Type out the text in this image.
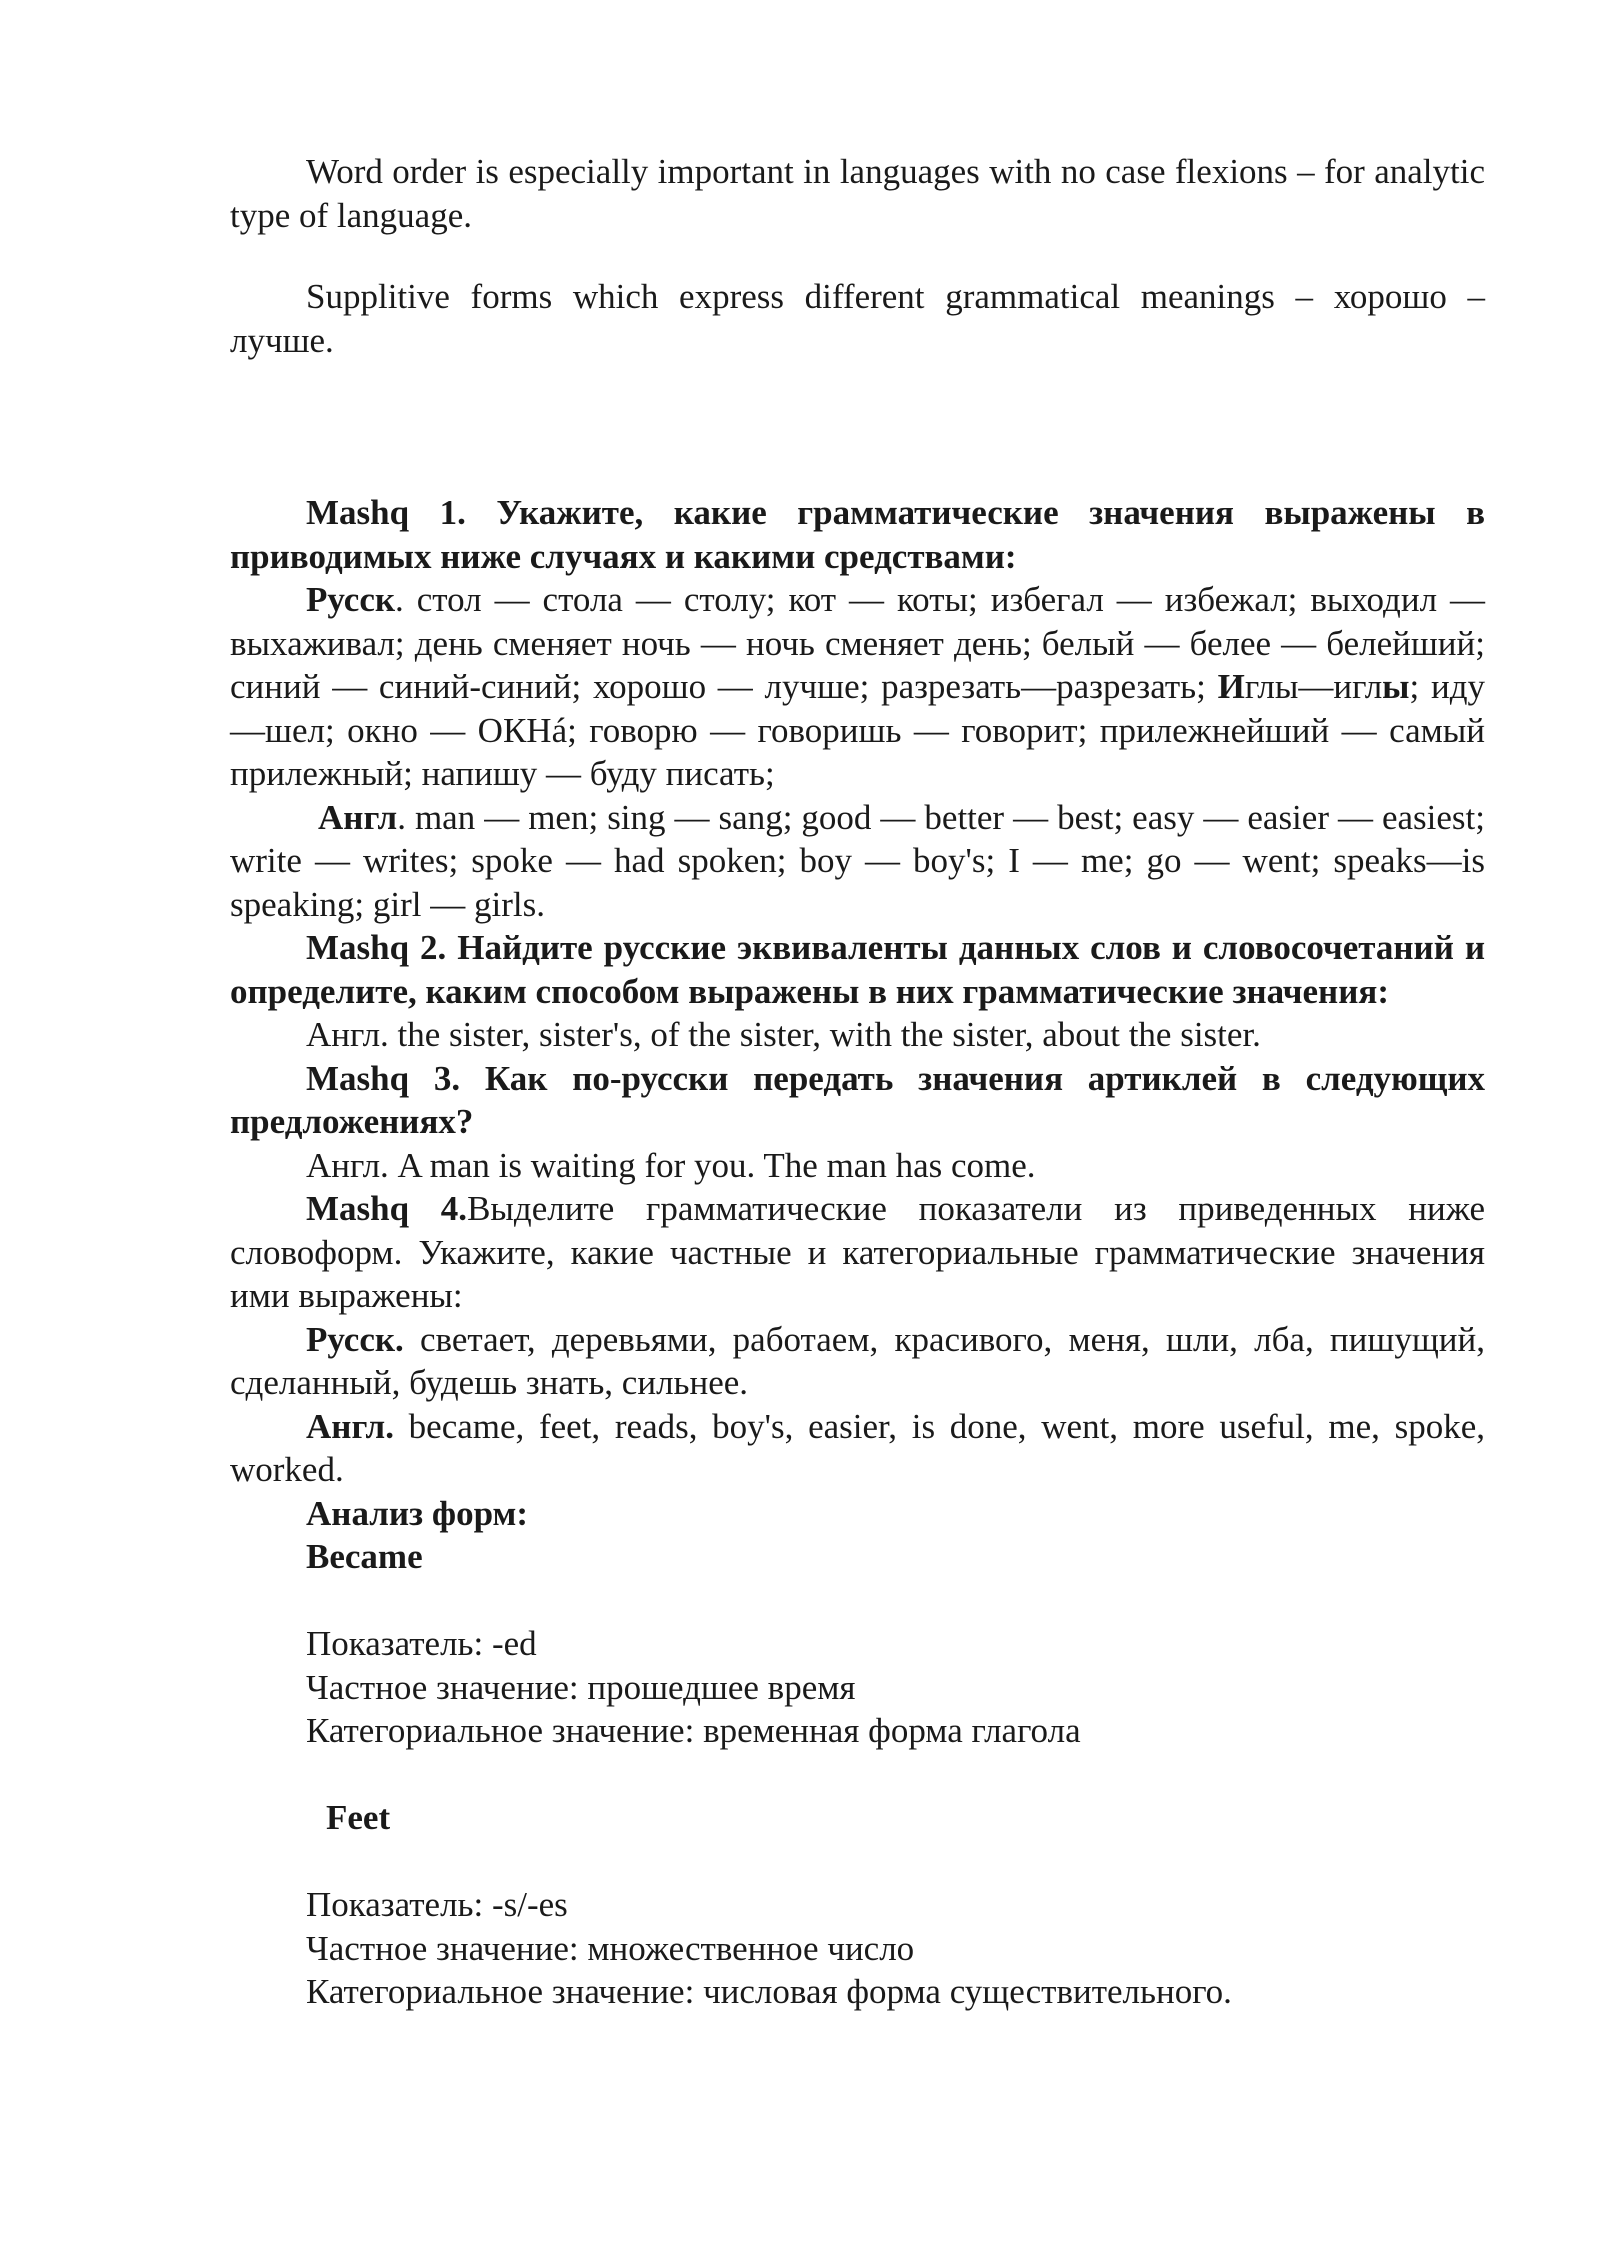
Word order is especially important in languages with no case flexions – for analytic type of language.

Supplitive forms which express different grammatical meanings – хорошо – лучше.

Mashq 1. Укажите, какие грамматические значения выражены в приводимых ниже случаях и какими средствами:

Русск. стол — стола — столу; кот — коты; избегал — избежал; выходил — выхаживал; день сменяет ночь — ночь сменяет день; белый — белее — белейший; синий — синий-синий; хорошо — лучше; разрезать—разрезать; Иглы—иглы; иду—шел; окно — ОКНá; говорю — говоришь — говорит; прилежнейший — самый прилежный; напишу — буду писать;

Англ. man — men; sing — sang; good — better — best; easy — easier — easiest; write — writes; spoke — had spoken; boy — boy's; I — me; go — went; speaks—is speaking; girl — girls.

Mashq 2. Найдите русские эквиваленты данных слов и словосочетаний и определите, каким способом выражены в них грамматические значения:

Англ. the sister, sister's, of the sister, with the sister, about the sister.

Mashq 3. Как по-русски передать значения артиклей в следующих предложениях?

Англ. A man is waiting for you. The man has come.

Mashq 4.Выделите грамматические показатели из приведенных ниже словоформ. Укажите, какие частные и категориальные грамматические значения ими выражены:

Русск. светает, деревьями, работаем, красивого, меня, шли, лба, пишущий, сделанный, будешь знать, сильнее.

Англ. became, feet, reads, boy's, easier, is done, went, more useful, me, spoke, worked.

Анализ форм:

Became

Показатель: -ed

Частное значение: прошедшее время

Категориальное значение: временная форма глагола

Feet

Показатель: -s/-es

Частное значение: множественное число

Категориальное значение: числовая форма существительного.
